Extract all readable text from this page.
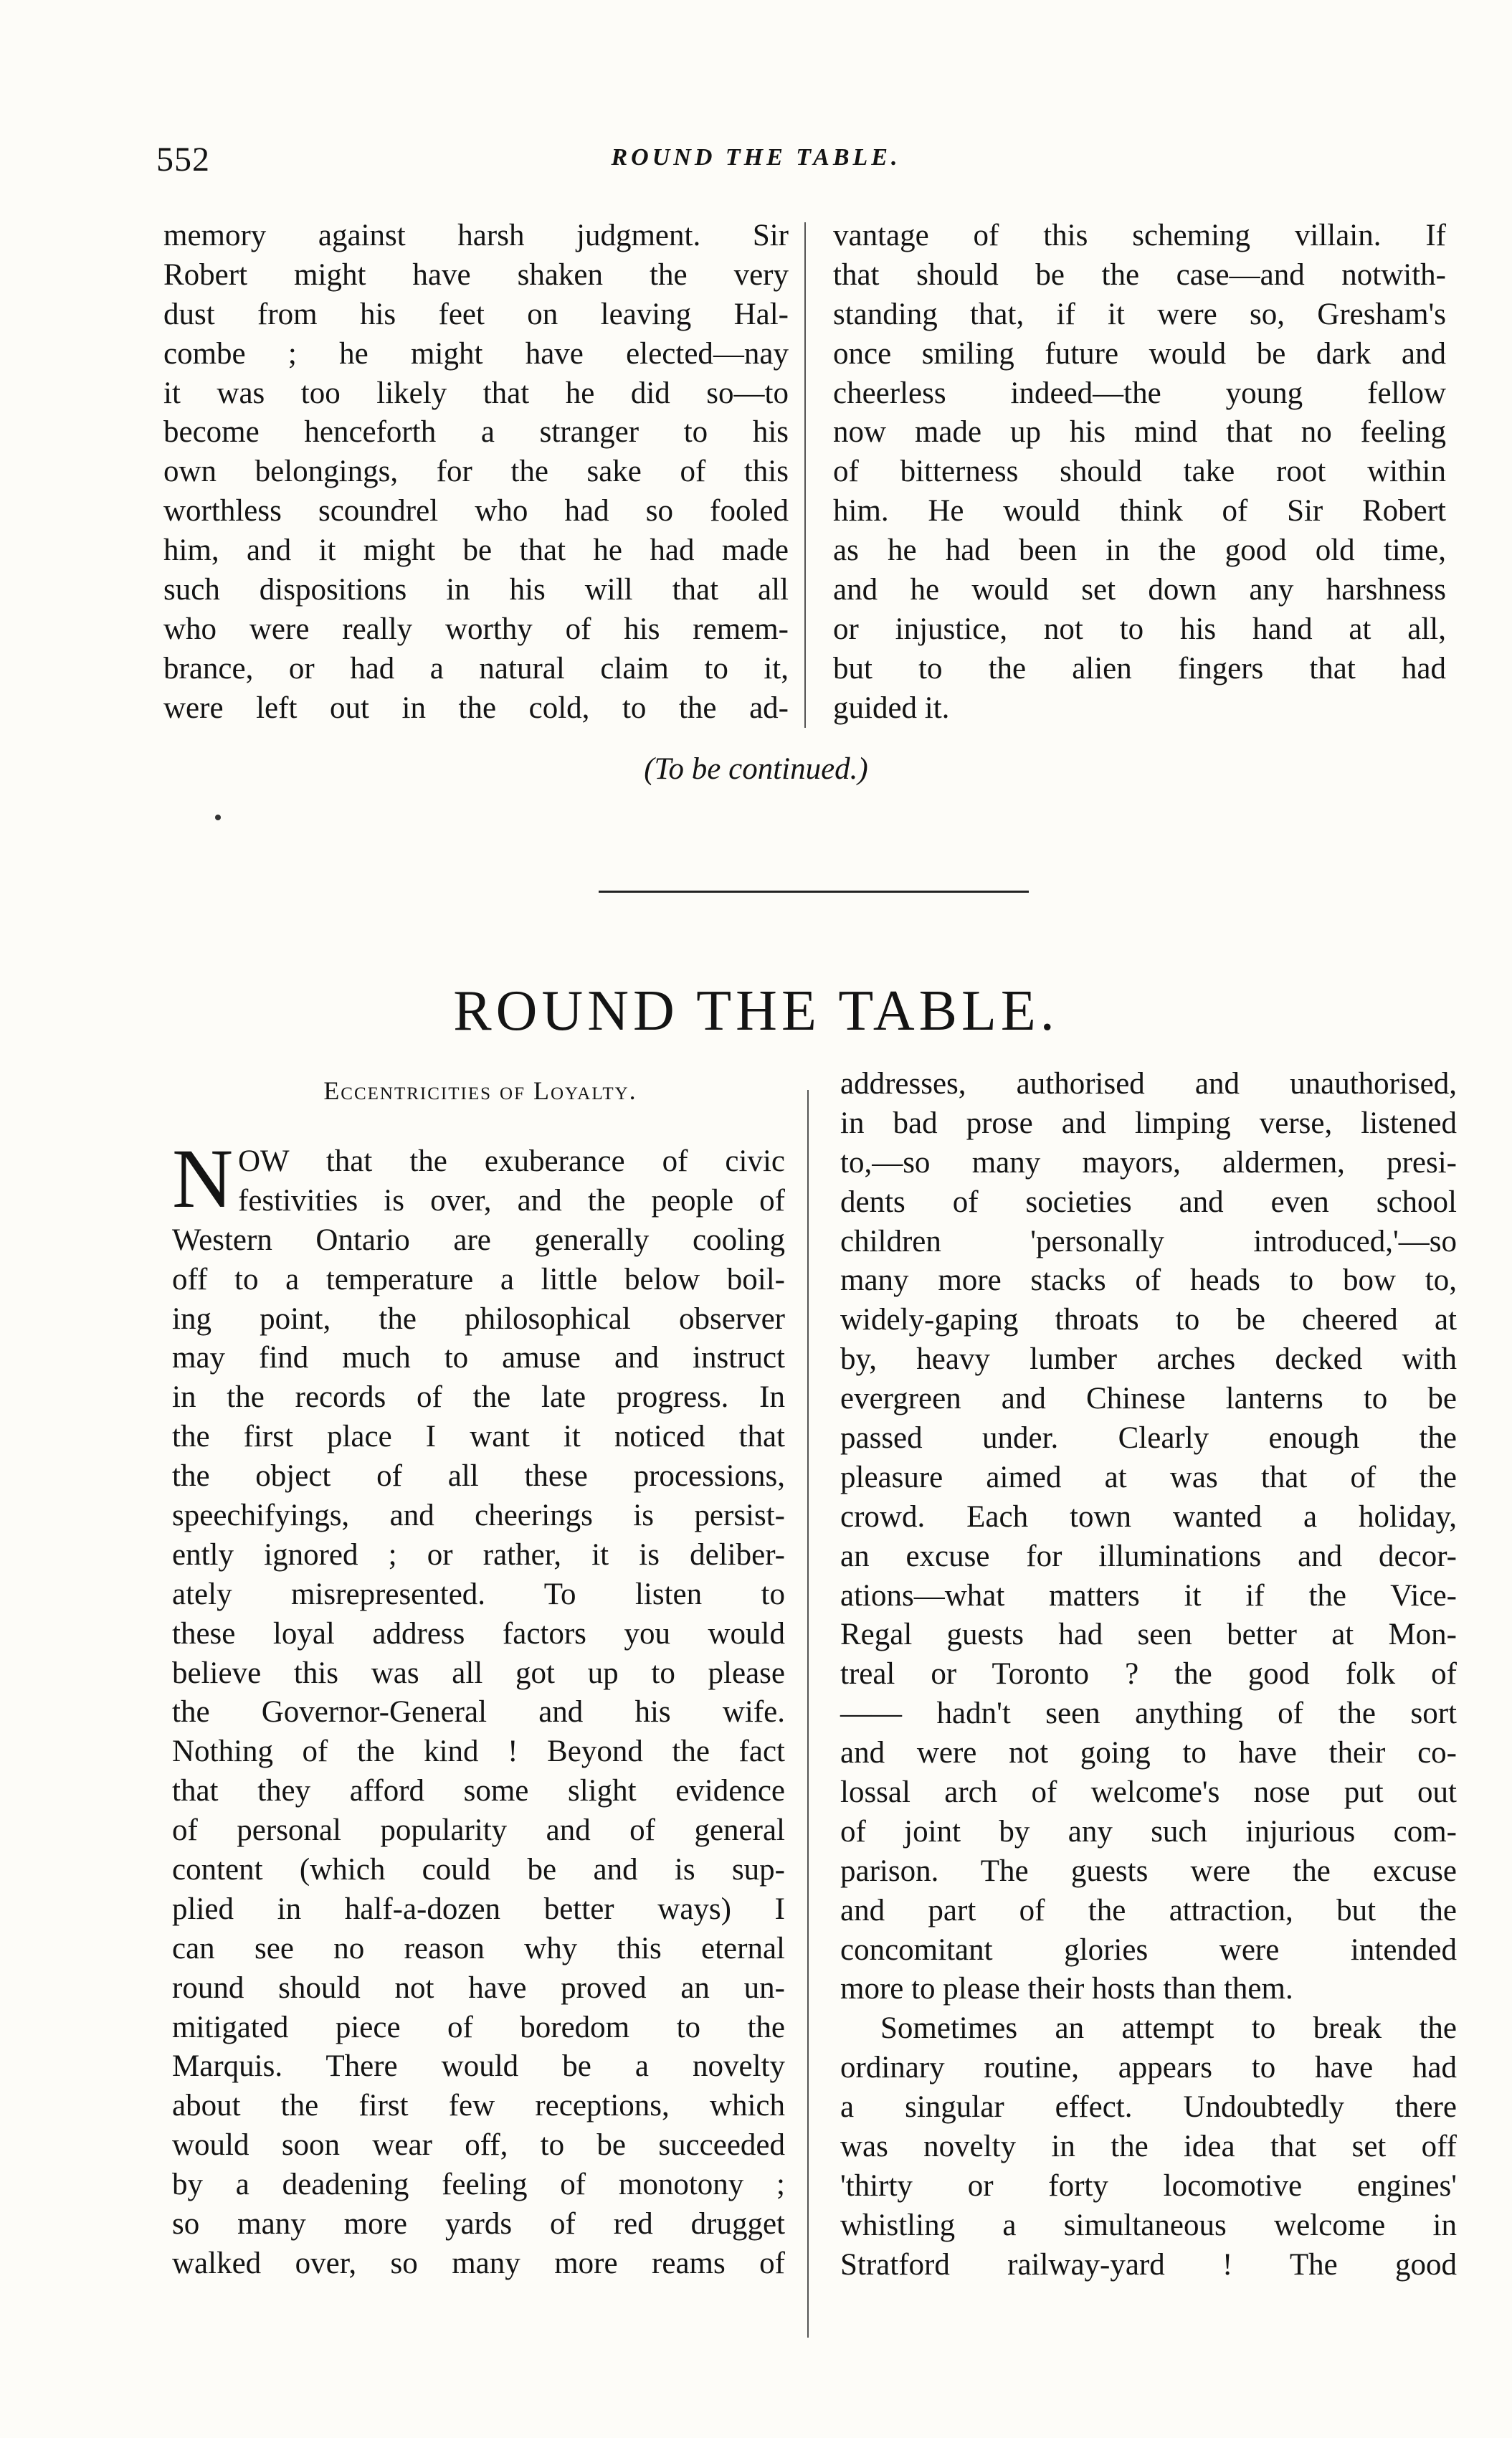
552	ROUND THE TABLE.
memory against harsh judgment. Sir
Robert might have shaken the very
dust from his feet on leaving Hal-
combe ; he might have elected—nay
it was too likely that he did so—to
become henceforth a stranger to his
own belongings, for the sake of this
worthless scoundrel who had so fooled
him, and it might be that he had made
such dispositions in his will that all
who were really worthy of his remem-
brance, or had a natural claim to it,
were left out in the cold, to the ad-
vantage of this scheming villain. If
that should be the case—and notwith-
standing that, if it were so, Gresham's
once smiling future would be dark and
cheerless indeed—the young fellow
now made up his mind that no feeling
of bitterness should take root within
him. He would think of Sir Robert
as he had been in the good old time,
and he would set down any harshness
or injustice, not to his hand at all,
but to the alien fingers that had
guided it.
(To be continued.)
ROUND THE TABLE.
Eccentricities of Loyalty.
N OW that the exuberance of civic
festivities is over, and the people of
Western Ontario are generally cooling
off to a temperature a little below boil-
ing point, the philosophical observer
may find much to amuse and instruct
in the records of the late progress. In
the first place I want it noticed that
the object of all these processions,
speechifyings, and cheerings is persist-
ently ignored ; or rather, it is deliber-
ately misrepresented. To listen to
these loyal address factors you would
believe this was all got up to please
the Governor-General and his wife.
Nothing of the kind ! Beyond the fact
that they afford some slight evidence
of personal popularity and of general
content (which could be and is sup-
plied in half-a-dozen better ways) I
can see no reason why this eternal
round should not have proved an un-
mitigated piece of boredom to the
Marquis. There would be a novelty
about the first few receptions, which
would soon wear off, to be succeeded
by a deadening feeling of monotony ;
so many more yards of red drugget
walked over, so many more reams of
addresses, authorised and unauthorised,
in bad prose and limping verse, listened
to,—so many mayors, aldermen, presi-
dents of societies and even school
children 'personally introduced,'—so
many more stacks of heads to bow to,
widely-gaping throats to be cheered at
by, heavy lumber arches decked with
evergreen and Chinese lanterns to be
passed under. Clearly enough the
pleasure aimed at was that of the
crowd. Each town wanted a holiday,
an excuse for illuminations and decor-
ations—what matters it if the Vice-
Regal guests had seen better at Mon-
treal or Toronto ? the good folk of
—— hadn't seen anything of the sort
and were not going to have their co-
lossal arch of welcome's nose put out
of joint by any such injurious com-
parison. The guests were the excuse
and part of the attraction, but the
concomitant glories were intended
more to please their hosts than them.
Sometimes an attempt to break the
ordinary routine, appears to have had
a singular effect. Undoubtedly there
was novelty in the idea that set off
'thirty or forty locomotive engines'
whistling a simultaneous welcome in
Stratford railway-yard ! The good
